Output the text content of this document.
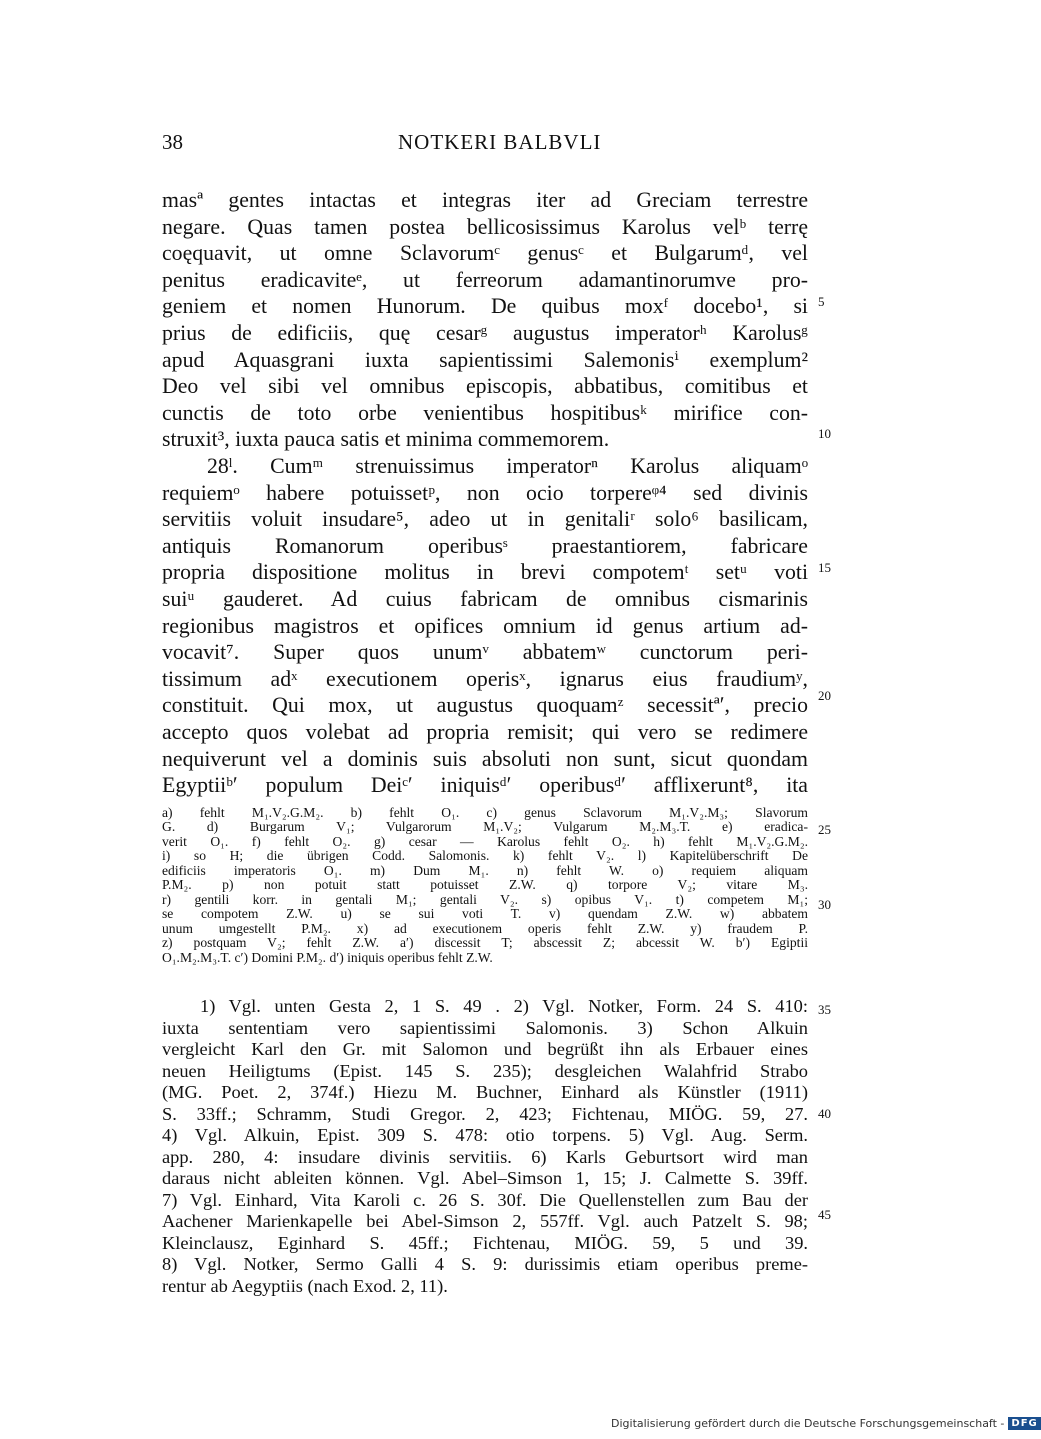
38	NOTKERI BALBVLI
masª gentes intactas et integras iter ad Greciam terrestre
negare. Quas tamen postea bellicosissimus Karolus velᵇ terrę
coęquavit, ut omne Sclavorumᶜ genusᶜ et Bulgarumᵈ, vel
penitus eradicaviteᵉ, ut ferreorum adamantinorumve pro-
geniem et nomen Hunorum. De quibus moxᶠ docebo¹, si
prius de edificiis, quę cesarᵍ augustus imperatorʰ Karolusᵍ
apud Aquasgrani iuxta sapientissimi Salemonisⁱ exemplum²
Deo vel sibi vel omnibus episcopis, abbatibus, comitibus et
cunctis de toto orbe venientibus hospitibusᵏ mirifice con-
struxit³, iuxta pauca satis et minima commemorem.
28ˡ. Cumᵐ strenuissimus imperatorⁿ Karolus aliquamᵒ
requiemᵒ habere potuissetᵖ, non ocio torpereᵠ⁴ sed divinis
servitiis voluit insudare⁵, adeo ut in genitaliʳ solo⁶ basilicam,
antiquis Romanorum operibusˢ praestantiorem, fabricare
propria dispositione molitus in brevi compotemᵗ setᵘ voti
suiᵘ gauderet. Ad cuius fabricam de omnibus cismarinis
regionibus magistros et opifices omnium id genus artium ad-
vocavit⁷. Super quos unumᵛ abbatemʷ cunctorum peri-
tissimum adˣ executionem operisˣ, ignarus eius fraudiumʸ,
constituit. Qui mox, ut augustus quoquamᶻ secessitªʹ, precio
accepto quos volebat ad propria remisit; qui vero se redimere
nequiverunt vel a dominis suis absoluti non sunt, sicut quondam
Egyptiiᵇʹ populum Deiᶜʹ iniquisᵈʹ operibusᵈʹ afflixerunt⁸, ita
a) fehlt M₁.V₂.G.M₂. b) fehlt O₁. c) genus Sclavorum M₁.V₂.M₃; Slavorum
G. d) Burgarum V₁; Vulgarorum M₁.V₂; Vulgarum M₂.M₃.T. e) eradica-
verit O₁. f) fehlt O₂. g) cesar — Karolus fehlt O₂. h) fehlt M₁.V₂.G.M₂.
i) so H; die übrigen Codd. Salomonis. k) fehlt V₂. l) Kapitelüberschrift De
edificiis imperatoris O₁. m) Dum M₁. n) fehlt W. o) requiem aliquam
P.M₂. p) non potuit statt potuisset Z.W. q) torpore V₂; vitare M₃.
r) gentili korr. in gentali M₁; gentali V₂. s) opibus V₁. t) competem M₁;
se compotem Z.W. u) se sui voti T. v) quendam Z.W. w) abbatem
unum umgestellt P.M₂. x) ad executionem operis fehlt Z.W. y) fraudem P.
z) postquam V₂; fehlt Z.W. a′) discessit T; abscessit Z; abcessit W. b′) Egiptii
O₁.M₂.M₃.T. c′) Domini P.M₂. d′) iniquis operibus fehlt Z.W.
1) Vgl. unten Gesta 2, 1 S. 49 . 2) Vgl. Notker, Form. 24 S. 410:
iuxta sententiam vero sapientissimi Salomonis. 3) Schon Alkuin
vergleicht Karl den Gr. mit Salomon und begrüßt ihn als Erbauer eines
neuen Heiligtums (Epist. 145 S. 235); desgleichen Walahfrid Strabo
(MG. Poet. 2, 374f.) Hiezu M. Buchner, Einhard als Künstler (1911)
S. 33ff.; Schramm, Studi Gregor. 2, 423; Fichtenau, MIÖG. 59, 27.
4) Vgl. Alkuin, Epist. 309 S. 478: otio torpens. 5) Vgl. Aug. Serm.
app. 280, 4: insudare divinis servitiis. 6) Karls Geburtsort wird man
daraus nicht ableiten können. Vgl. Abel–Simson 1, 15; J. Calmette S. 39ff.
7) Vgl. Einhard, Vita Karoli c. 26 S. 30f. Die Quellenstellen zum Bau der
Aachener Marienkapelle bei Abel-Simson 2, 557ff. Vgl. auch Patzelt S. 98;
Kleinclausz, Eginhard S. 45ff.; Fichtenau, MIÖG. 59, 5 und 39.
8) Vgl. Notker, Sermo Galli 4 S. 9: durissimis etiam operibus preme-
rentur ab Aegyptiis (nach Exod. 2, 11).
5
10
15
20
25
30
35
40
45
Digitalisierung gefördert durch die Deutsche Forschungsgemeinschaft - DFG
